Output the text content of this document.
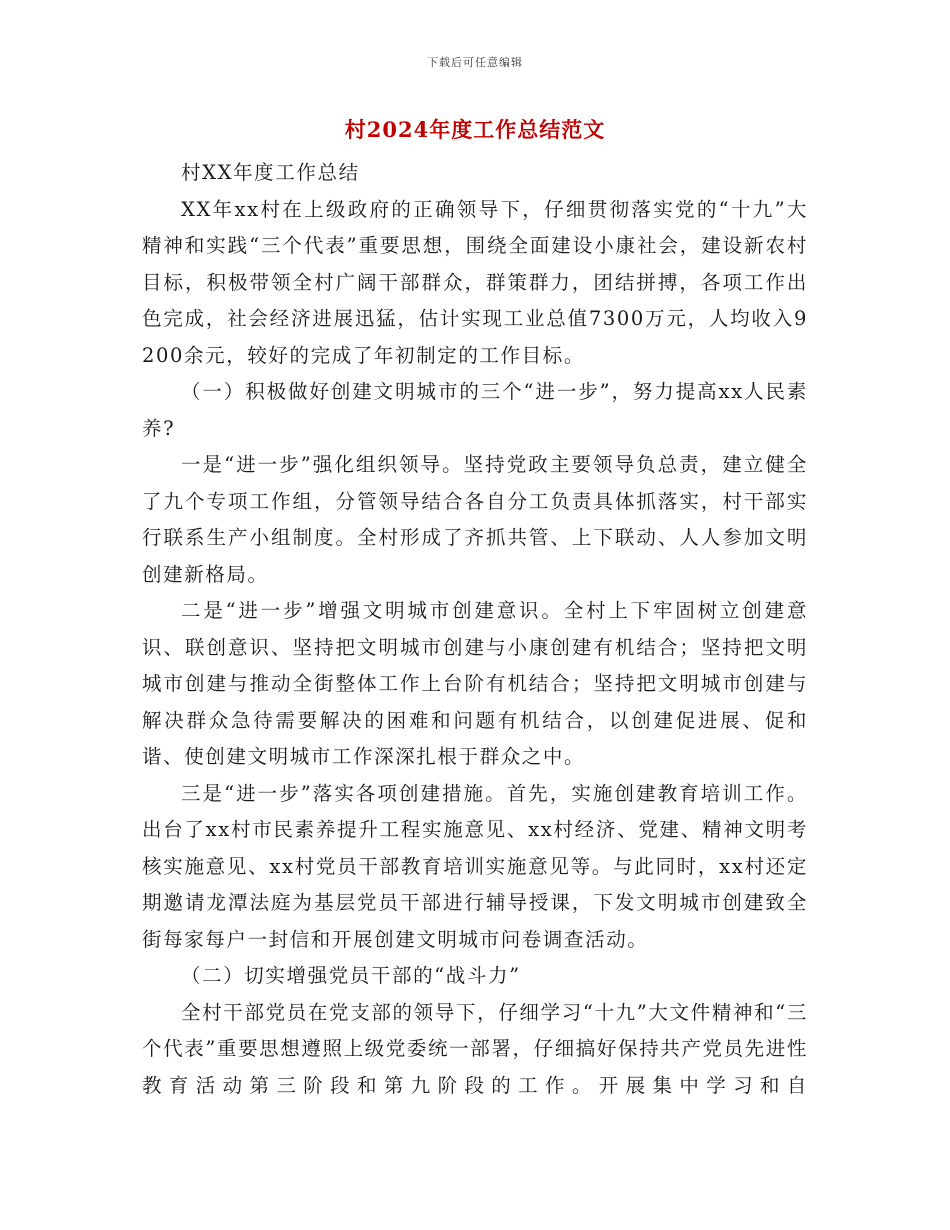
下载后可任意编辑
村2024年度工作总结范文

村XX年度工作总结

XX年xx村在上级政府的正确领导下，仔细贯彻落实党的“十九”大精神和实践“三个代表”重要思想，围绕全面建设小康社会，建设新农村目标，积极带领全村广阔干部群众，群策群力，团结拼搏，各项工作出色完成，社会经济进展迅猛，估计实现工业总值7300万元，人均收入9200余元，较好的完成了年初制定的工作目标。

（一）积极做好创建文明城市的三个“进一步”，努力提高xx人民素养?

一是“进一步”强化组织领导。坚持党政主要领导负总责，建立健全了九个专项工作组，分管领导结合各自分工负责具体抓落实，村干部实行联系生产小组制度。全村形成了齐抓共管、上下联动、人人参加文明创建新格局。

二是“进一步”增强文明城市创建意识。全村上下牢固树立创建意识、联创意识、坚持把文明城市创建与小康创建有机结合；坚持把文明城市创建与推动全街整体工作上台阶有机结合；坚持把文明城市创建与解决群众急待需要解决的困难和问题有机结合，以创建促进展、促和谐、使创建文明城市工作深深扎根于群众之中。

三是“进一步”落实各项创建措施。首先，实施创建教育培训工作。出台了xx村市民素养提升工程实施意见、xx村经济、党建、精神文明考核实施意见、xx村党员干部教育培训实施意见等。与此同时，xx村还定期邀请龙潭法庭为基层党员干部进行辅导授课，下发文明城市创建致全街每家每户一封信和开展创建文明城市问卷调查活动。

（二）切实增强党员干部的“战斗力”

全村干部党员在党支部的领导下，仔细学习“十九”大文件精神和“三个代表”重要思想遵照上级党委统一部署，仔细搞好保持共产党员先进性教育活动第三阶段和第九阶段的工作。开展集中学习和自
